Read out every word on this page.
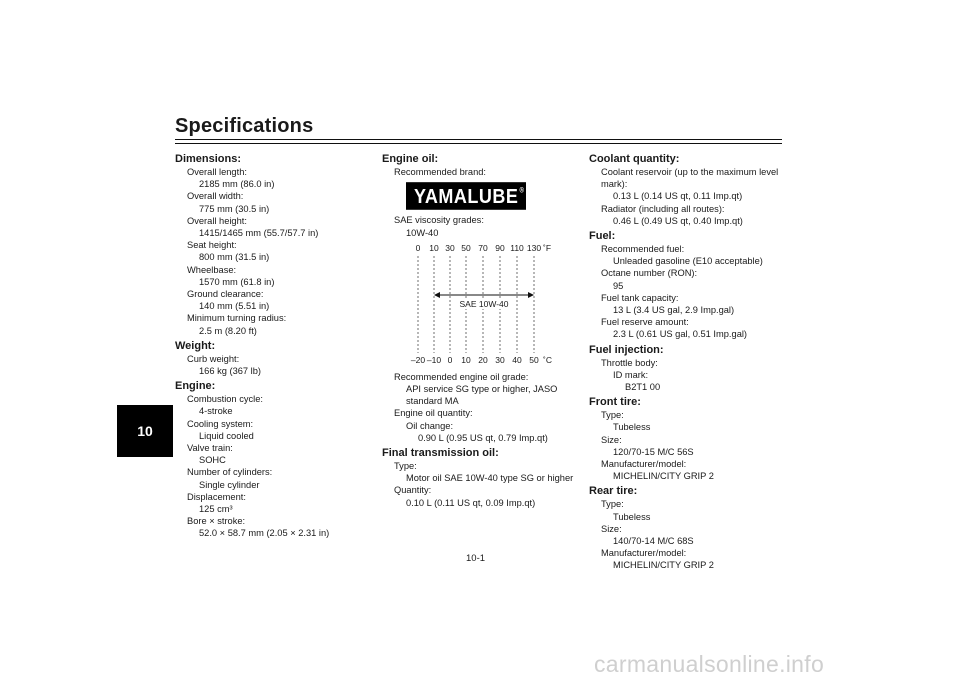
Specifications
10
Dimensions:
Overall length:
2185 mm (86.0 in)
Overall width:
775 mm (30.5 in)
Overall height:
1415/1465 mm (55.7/57.7 in)
Seat height:
800 mm (31.5 in)
Wheelbase:
1570 mm (61.8 in)
Ground clearance:
140 mm (5.51 in)
Minimum turning radius:
2.5 m (8.20 ft)
Weight:
Curb weight:
166 kg (367 lb)
Engine:
Combustion cycle:
4-stroke
Cooling system:
Liquid cooled
Valve train:
SOHC
Number of cylinders:
Single cylinder
Displacement:
125 cm³
Bore × stroke:
52.0 × 58.7 mm (2.05 × 2.31 in)
Engine oil:
Recommended brand:
YAMALUBE ®
SAE viscosity grades:
10W-40
0 10 30 50 70 90 110 130 ˚F
–20 –10 0 10 20 30 40 50 ˚C
SAE 10W-40
Recommended engine oil grade:
API service SG type or higher, JASO standard MA
Engine oil quantity:
Oil change:
0.90 L (0.95 US qt, 0.79 Imp.qt)
Final transmission oil:
Type:
Motor oil SAE 10W-40 type SG or higher
Quantity:
0.10 L (0.11 US qt, 0.09 Imp.qt)
Coolant quantity:
Coolant reservoir (up to the maximum level mark):
0.13 L (0.14 US qt, 0.11 Imp.qt)
Radiator (including all routes):
0.46 L (0.49 US qt, 0.40 Imp.qt)
Fuel:
Recommended fuel:
Unleaded gasoline (E10 acceptable)
Octane number (RON):
95
Fuel tank capacity:
13 L (3.4 US gal, 2.9 Imp.gal)
Fuel reserve amount:
2.3 L (0.61 US gal, 0.51 Imp.gal)
Fuel injection:
Throttle body:
ID mark:
B2T1 00
Front tire:
Type:
Tubeless
Size:
120/70-15 M/C 56S
Manufacturer/model:
MICHELIN/CITY GRIP 2
Rear tire:
Type:
Tubeless
Size:
140/70-14 M/C 68S
Manufacturer/model:
MICHELIN/CITY GRIP 2
10-1
carmanualsonline.info
